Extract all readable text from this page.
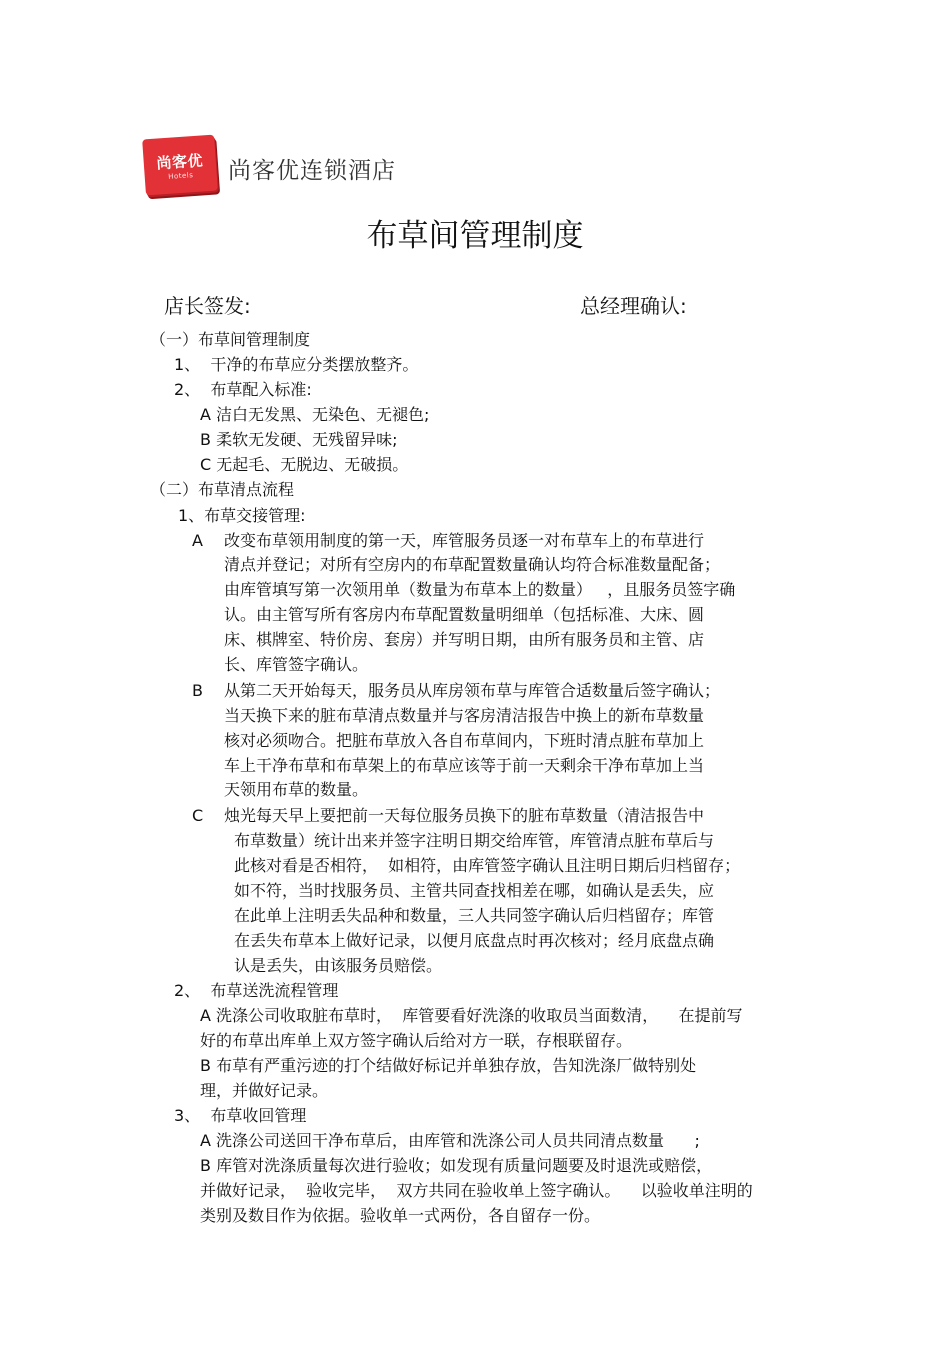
尚客优
Hotels	尚客优连锁酒店
布草间管理制度
店长签发:	总经理确认:
（一）布草间管理制度
1、  干净的布草应分类摆放整齐。
2、  布草配入标准:
A 洁白无发黑、无染色、无褪色;
B 柔软无发硬、无残留异味;
C 无起毛、无脱边、无破损。
（二）布草清点流程
1、布草交接管理:
A 改变布草领用制度的第一天，库管服务员逐一对布草车上的布草进行
清点并登记；对所有空房内的布草配置数量确认均符合标准数量配备；
由库管填写第一次领用单（数量为布草本上的数量）   ，且服务员签字确
认。由主管写所有客房内布草配置数量明细单（包括标准、大床、圆
床、棋牌室、特价房、套房）并写明日期，由所有服务员和主管、店
长、库管签字确认。
B 从第二天开始每天，服务员从库房领布草与库管合适数量后签字确认；
当天换下来的脏布草清点数量并与客房清洁报告中换上的新布草数量
核对必须吻合。把脏布草放入各自布草间内，下班时清点脏布草加上
车上干净布草和布草架上的布草应该等于前一天剩余干净布草加上当
天领用布草的数量。
C 烛光每天早上要把前一天每位服务员换下的脏布草数量（清洁报告中
布草数量）统计出来并签字注明日期交给库管，库管清点脏布草后与
此核对看是否相符，  如相符，由库管签字确认且注明日期后归档留存；
如不符，当时找服务员、主管共同查找相差在哪，如确认是丢失，应
在此单上注明丢失品种和数量，三人共同签字确认后归档留存；库管
在丢失布草本上做好记录，以便月底盘点时再次核对；经月底盘点确
认是丢失，由该服务员赔偿。
2、  布草送洗流程管理
A 洗涤公司收取脏布草时，  库管要看好洗涤的收取员当面数清，    在提前写
好的布草出库单上双方签字确认后给对方一联，存根联留存。
B 布草有严重污迹的打个结做好标记并单独存放，告知洗涤厂做特别处
理，并做好记录。
3、  布草收回管理
A 洗涤公司送回干净布草后，由库管和洗涤公司人员共同清点数量      ;
B 库管对洗涤质量每次进行验收；如发现有质量问题要及时退洗或赔偿，
并做好记录，  验收完毕，  双方共同在验收单上签字确认。    以验收单注明的
类别及数目作为依据。验收单一式两份，各自留存一份。
